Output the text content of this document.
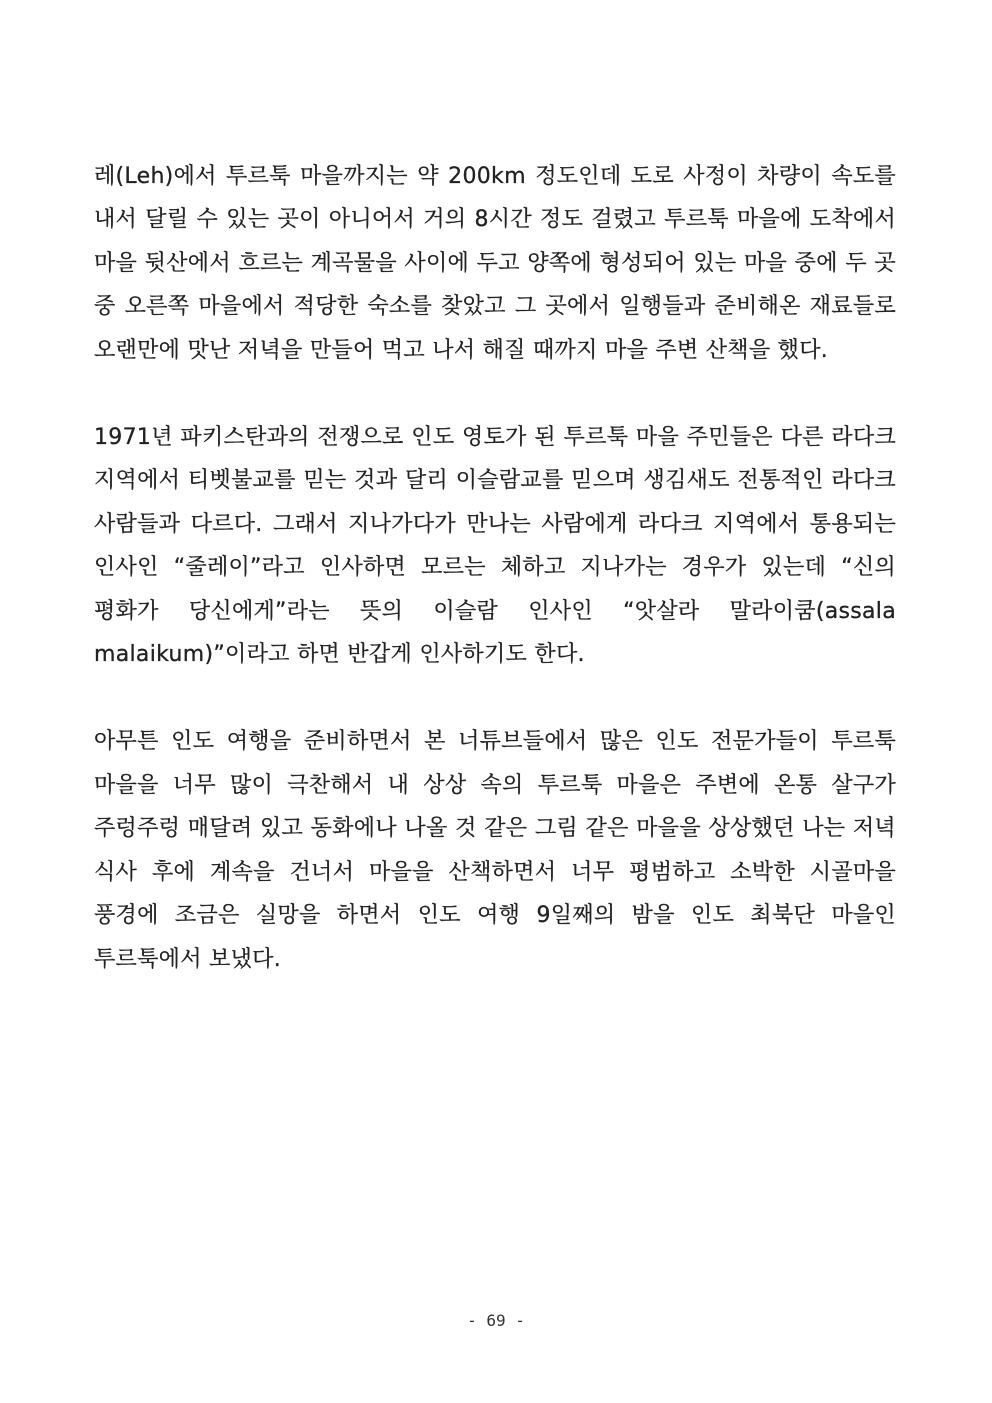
레(Leh)에서 투르툭 마을까지는 약 200km 정도인데 도로 사정이 차량이 속도를 내서 달릴 수 있는 곳이 아니어서 거의 8시간 정도 걸렸고 투르툭 마을에 도착에서 마을 뒷산에서 흐르는 계곡물을 사이에 두고 양쪽에 형성되어 있는 마을 중에 두 곳 중 오른쪽 마을에서 적당한 숙소를 찾았고 그 곳에서 일행들과 준비해온 재료들로 오랜만에 맛난 저녁을 만들어 먹고 나서 해질 때까지 마을 주변 산책을 했다.

1971년 파키스탄과의 전쟁으로 인도 영토가 된 투르툭 마을 주민들은 다른 라다크 지역에서 티벳불교를 믿는 것과 달리 이슬람교를 믿으며 생김새도 전통적인 라다크 사람들과 다르다. 그래서 지나가다가 만나는 사람에게 라다크 지역에서 통용되는 인사인 “줄레이”라고 인사하면 모르는 체하고 지나가는 경우가 있는데 “신의 평화가 당신에게”라는 뜻의 이슬람 인사인 “앗살라 말라이쿰(assala malaikum)”이라고 하면 반갑게 인사하기도 한다.

아무튼 인도 여행을 준비하면서 본 너튜브들에서 많은 인도 전문가들이 투르툭 마을을 너무 많이 극찬해서 내 상상 속의 투르툭 마을은 주변에 온통 살구가 주렁주렁 매달려 있고 동화에나 나올 것 같은 그림 같은 마을을 상상했던 나는 저녁 식사 후에 계속을 건너서 마을을 산책하면서 너무 평범하고 소박한 시골마을 풍경에 조금은 실망을 하면서 인도 여행 9일째의 밤을 인도 최북단 마을인 투르툭에서 보냈다.

- 69 -
